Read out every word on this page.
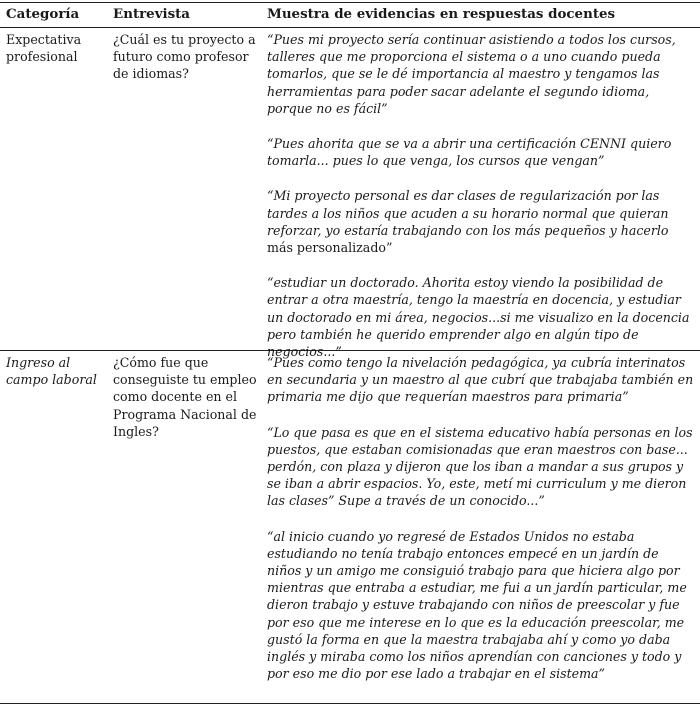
Categoría	Entrevista	Muestra de evidencias en respuestas docentes
Expectativa profesional
¿Cuál es tu proyecto a futuro como profesor de idiomas?

“Pues mi proyecto sería continuar asistiendo a todos los cursos, talleres que me proporciona el sistema o a uno cuando pueda tomarlos, que se le dé importancia al maestro y tengamos las herramientas para poder sacar adelante el segundo idioma, porque no es fácil”

“Pues ahorita que se va a abrir una certificación CENNI quiero tomarla... pues lo que venga, los cursos que vengan”

“Mi proyecto personal es dar clases de regularización por las tardes a los niños que acuden a su horario normal que quieran reforzar, yo estaría trabajando con los más pequeños y hacerlo más personalizado”

“estudiar un doctorado. Ahorita estoy viendo la posibilidad de entrar a otra maestría, tengo la maestría en docencia, y estudiar un doctorado en mi área, negocios...si me visualizo en la docencia pero también he querido emprender algo en algún tipo de negocios...”

Ingreso al campo laboral
¿Cómo fue que conseguiste tu empleo como docente en el Programa Nacional de Ingles?

“Pues como tengo la nivelación pedagógica, ya cubría interinatos en secundaria y un maestro al que cubrí que trabajaba también en primaria me dijo que requerían maestros para primaria”

“Lo que pasa es que en el sistema educativo había personas en los puestos, que estaban comisionadas que eran maestros con base... perdón, con plaza y dijeron que los iban a mandar a sus grupos y se iban a abrir espacios. Yo, este, metí mi curriculum y me dieron las clases” Supe a través de un conocido...”

“al inicio cuando yo regresé de Estados Unidos no estaba estudiando no tenía trabajo entonces empecé en un jardín de niños y un amigo me consiguió trabajo para que hiciera algo por mientras que entraba a estudiar, me fui a un jardín particular, me dieron trabajo y estuve trabajando con niños de preescolar y fue por eso que me interese en lo que es la educación preescolar, me gustó la forma en que la maestra trabajaba ahí y como yo daba inglés y miraba como los niños aprendían con canciones y todo y por eso me dio por ese lado a trabajar en el sistema”
